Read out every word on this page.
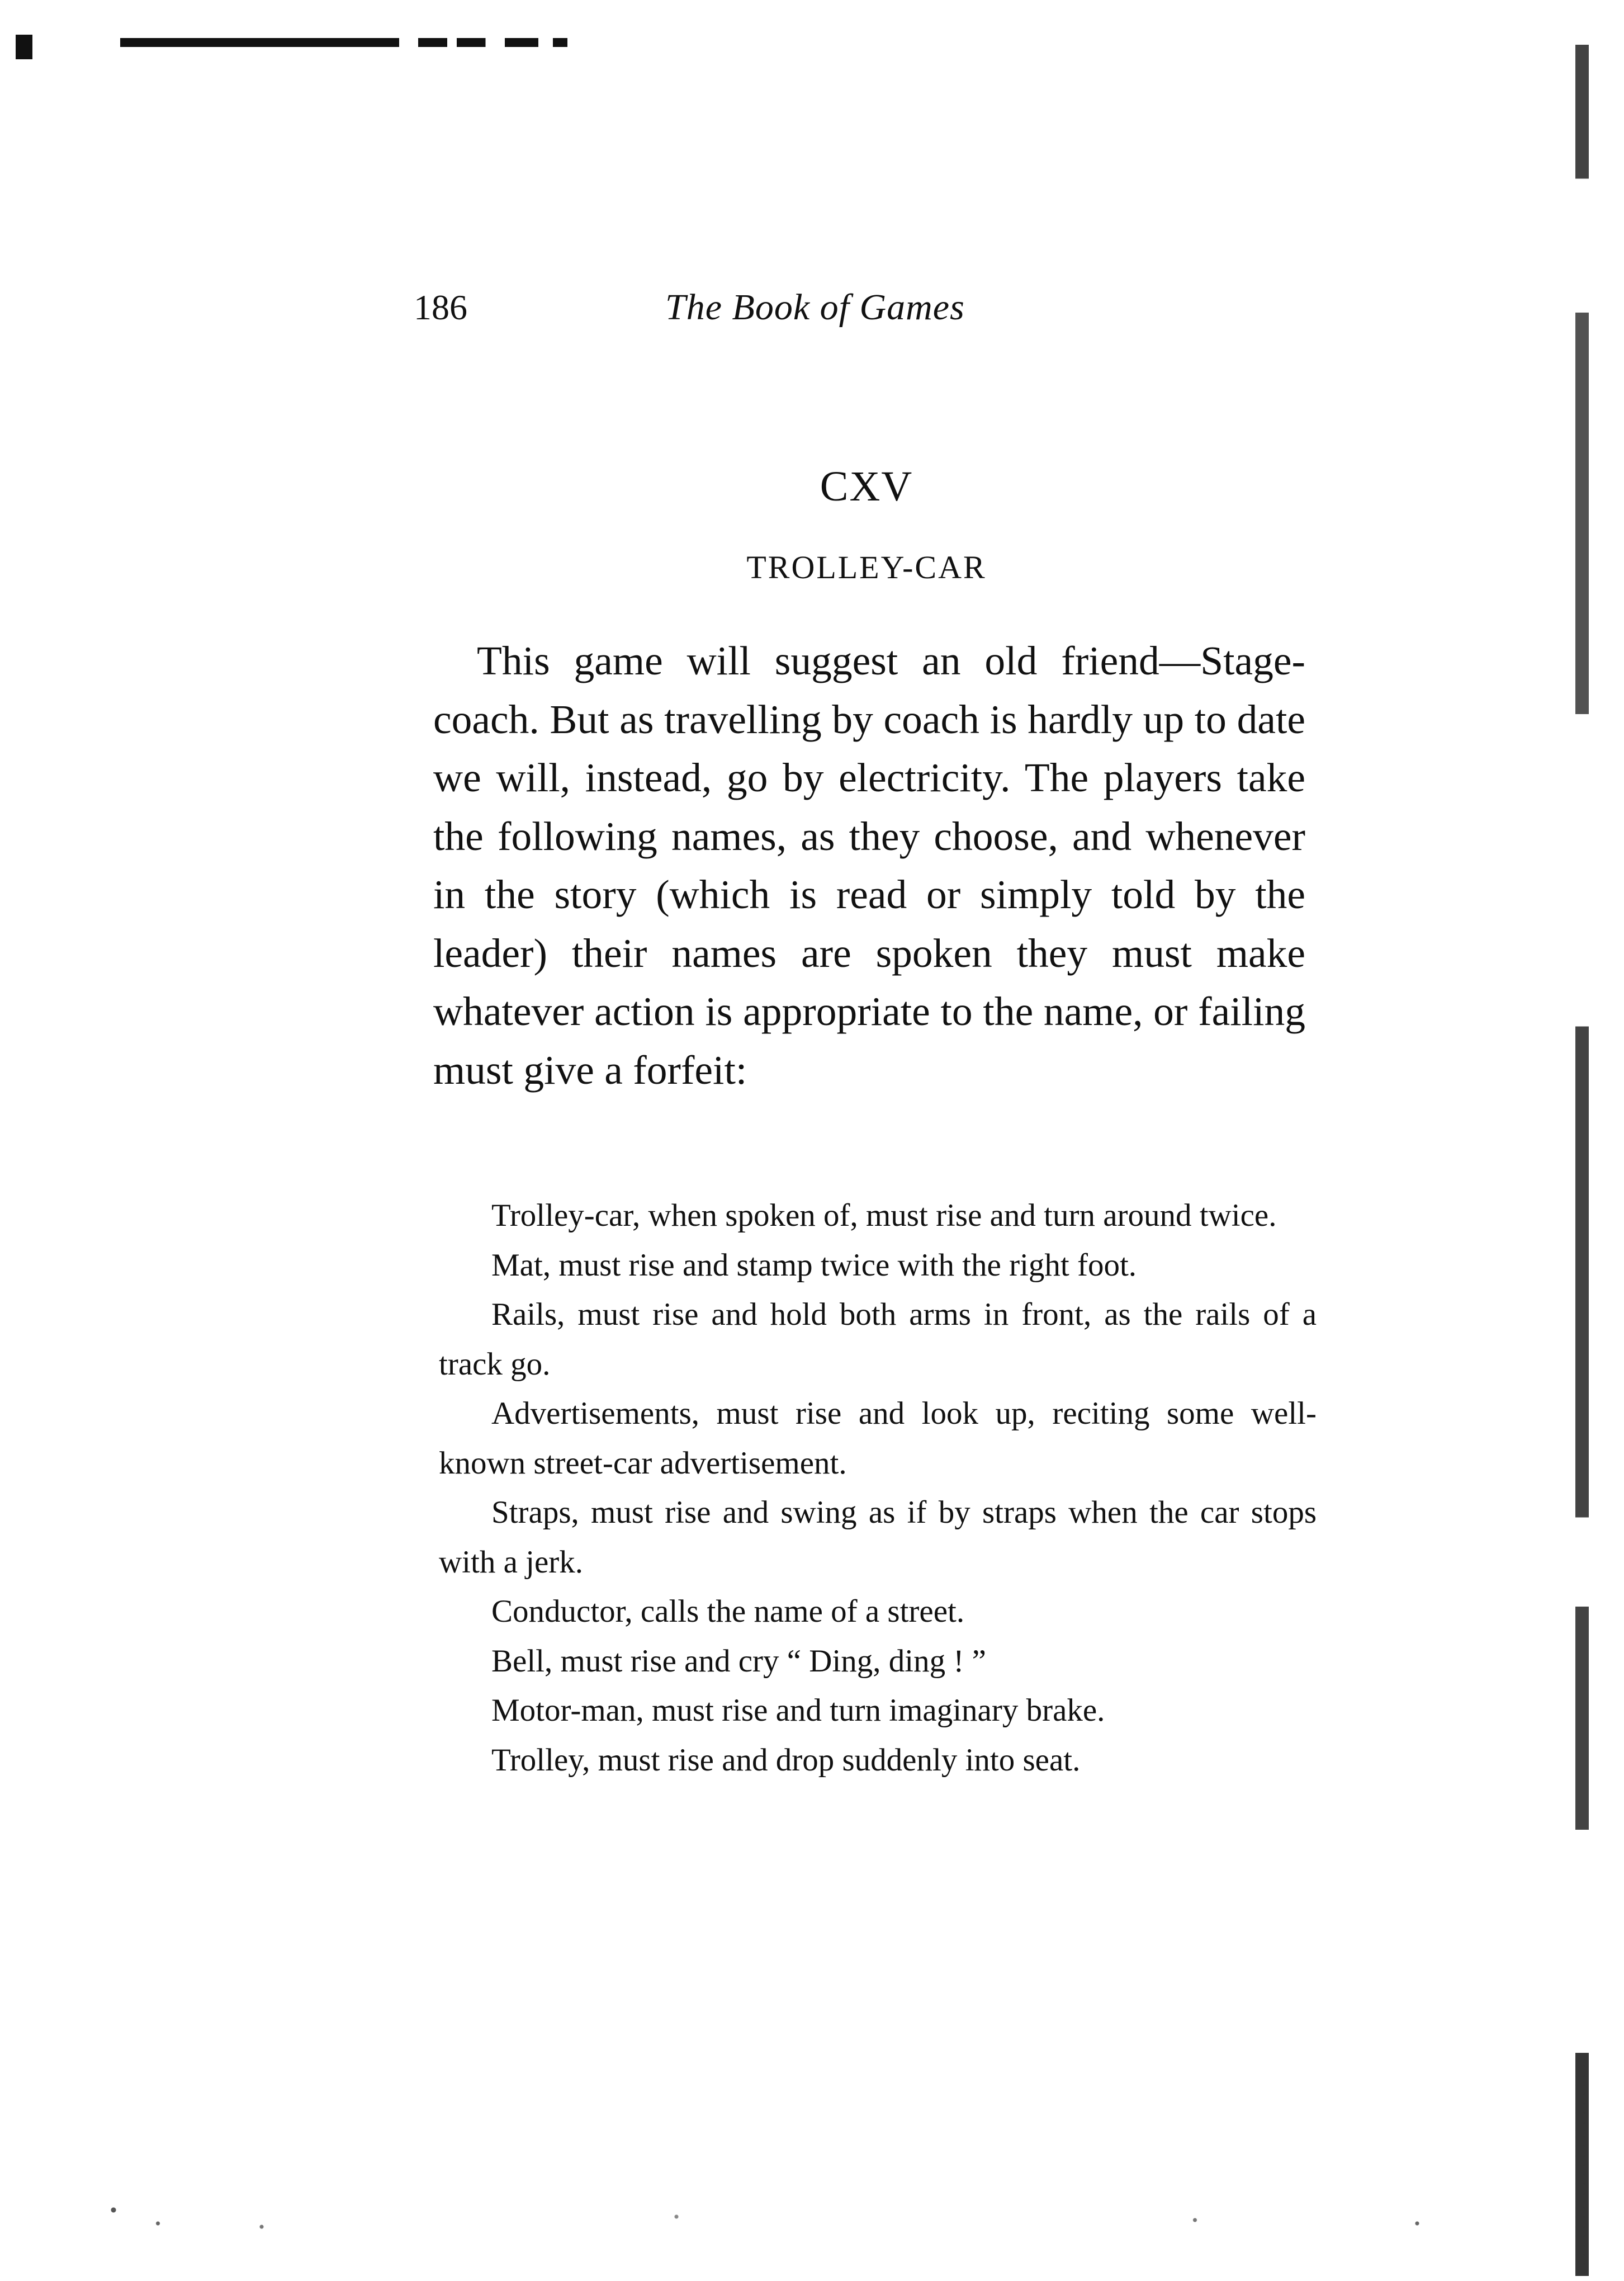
186	The Book of Games
CXV
TROLLEY-CAR

This game will suggest an old friend—Stage-coach. But as travelling by coach is hardly up to date we will, instead, go by electricity. The players take the following names, as they choose, and whenever in the story (which is read or simply told by the leader) their names are spoken they must make whatever action is appropriate to the name, or failing must give a forfeit:

Trolley-car, when spoken of, must rise and turn around twice.

Mat, must rise and stamp twice with the right foot.

Rails, must rise and hold both arms in front, as the rails of a track go.

Advertisements, must rise and look up, reciting some well-known street-car advertisement.

Straps, must rise and swing as if by straps when the car stops with a jerk.

Conductor, calls the name of a street.

Bell, must rise and cry “ Ding, ding ! ”

Motor-man, must rise and turn imaginary brake.

Trolley, must rise and drop suddenly into seat.
